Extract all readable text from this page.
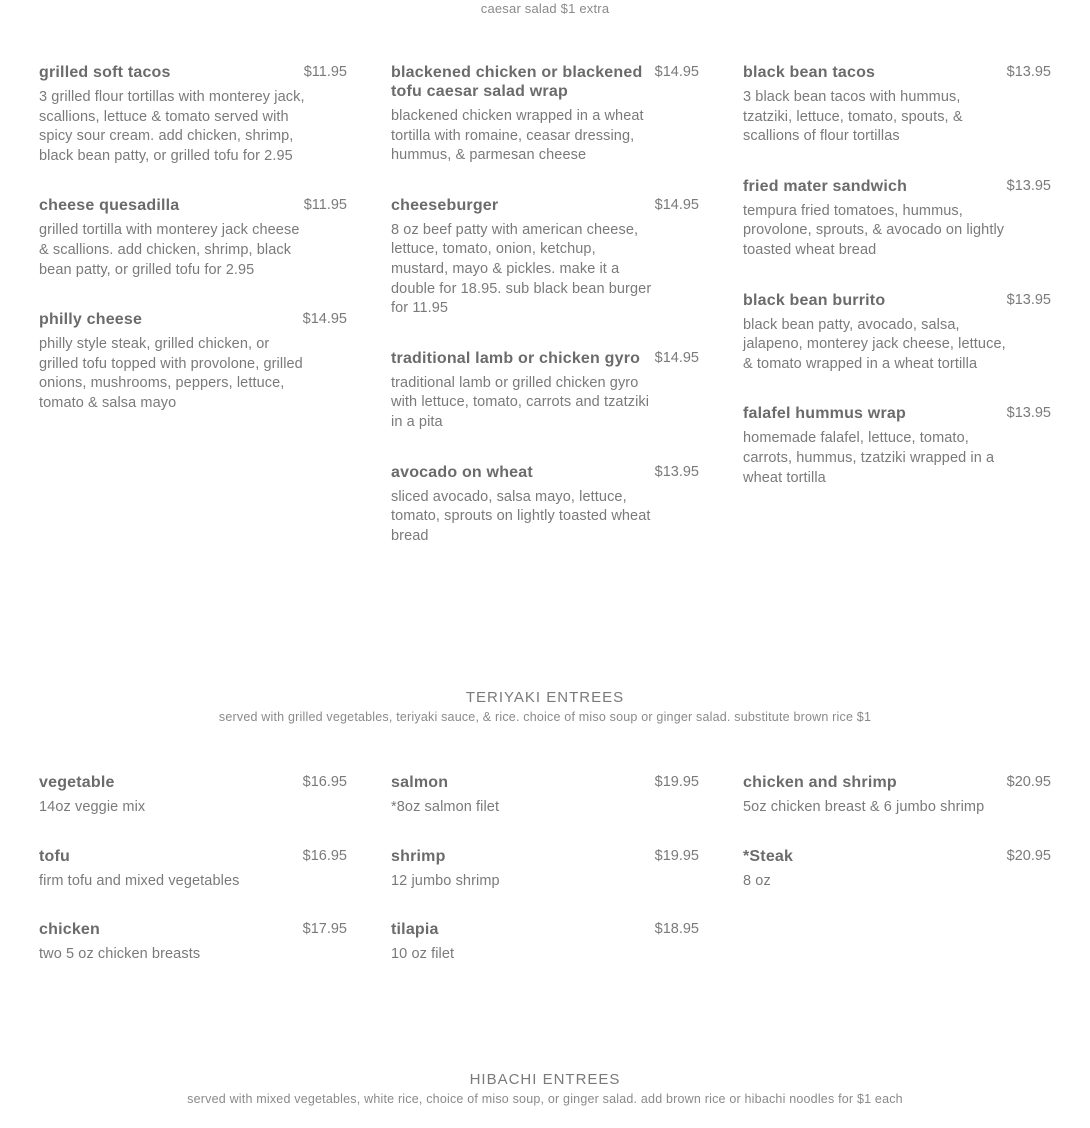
caesar salad $1 extra
grilled soft tacos	$11.95
3 grilled flour tortillas with monterey jack, scallions, lettuce & tomato served with spicy sour cream. add chicken, shrimp, black bean patty, or grilled tofu for 2.95
cheese quesadilla	$11.95
grilled tortilla with monterey jack cheese & scallions. add chicken, shrimp, black bean patty, or grilled tofu for 2.95
philly cheese	$14.95
philly style steak, grilled chicken, or grilled tofu topped with provolone, grilled onions, mushrooms, peppers, lettuce, tomato & salsa mayo
blackened chicken or blackened tofu caesar salad wrap
$14.95
blackened chicken wrapped in a wheat tortilla with romaine, ceasar dressing, hummus, & parmesan cheese
cheeseburger	$14.95
8 oz beef patty with american cheese, lettuce, tomato, onion, ketchup, mustard, mayo & pickles. make it a double for 18.95. sub black bean burger for 11.95
traditional lamb or chicken gyro	$14.95
traditional lamb or grilled chicken gyro with lettuce, tomato, carrots and tzatziki in a pita
avocado on wheat	$13.95
sliced avocado, salsa mayo, lettuce, tomato, sprouts on lightly toasted wheat bread
black bean tacos	$13.95
3 black bean tacos with hummus, tzatziki, lettuce, tomato, spouts, & scallions of flour tortillas
fried mater sandwich	$13.95
tempura fried tomatoes, hummus, provolone, sprouts, & avocado on lightly toasted wheat bread
black bean burrito	$13.95
black bean patty, avocado, salsa, jalapeno, monterey jack cheese, lettuce, & tomato wrapped in a wheat tortilla
falafel hummus wrap	$13.95
homemade falafel, lettuce, tomato, carrots, hummus, tzatziki wrapped in a wheat tortilla
TERIYAKI ENTREES
served with grilled vegetables, teriyaki sauce, & rice. choice of miso soup or ginger salad. substitute brown rice $1
vegetable	$16.95
14oz veggie mix
tofu	$16.95
firm tofu and mixed vegetables
chicken	$17.95
two 5 oz chicken breasts
salmon	$19.95
*8oz salmon filet
shrimp	$19.95
12 jumbo shrimp
tilapia	$18.95
10 oz filet
chicken and shrimp	$20.95
5oz chicken breast & 6 jumbo shrimp
*Steak	$20.95
8 oz
HIBACHI ENTREES
served with mixed vegetables, white rice, choice of miso soup, or ginger salad. add brown rice or hibachi noodles for $1 each
